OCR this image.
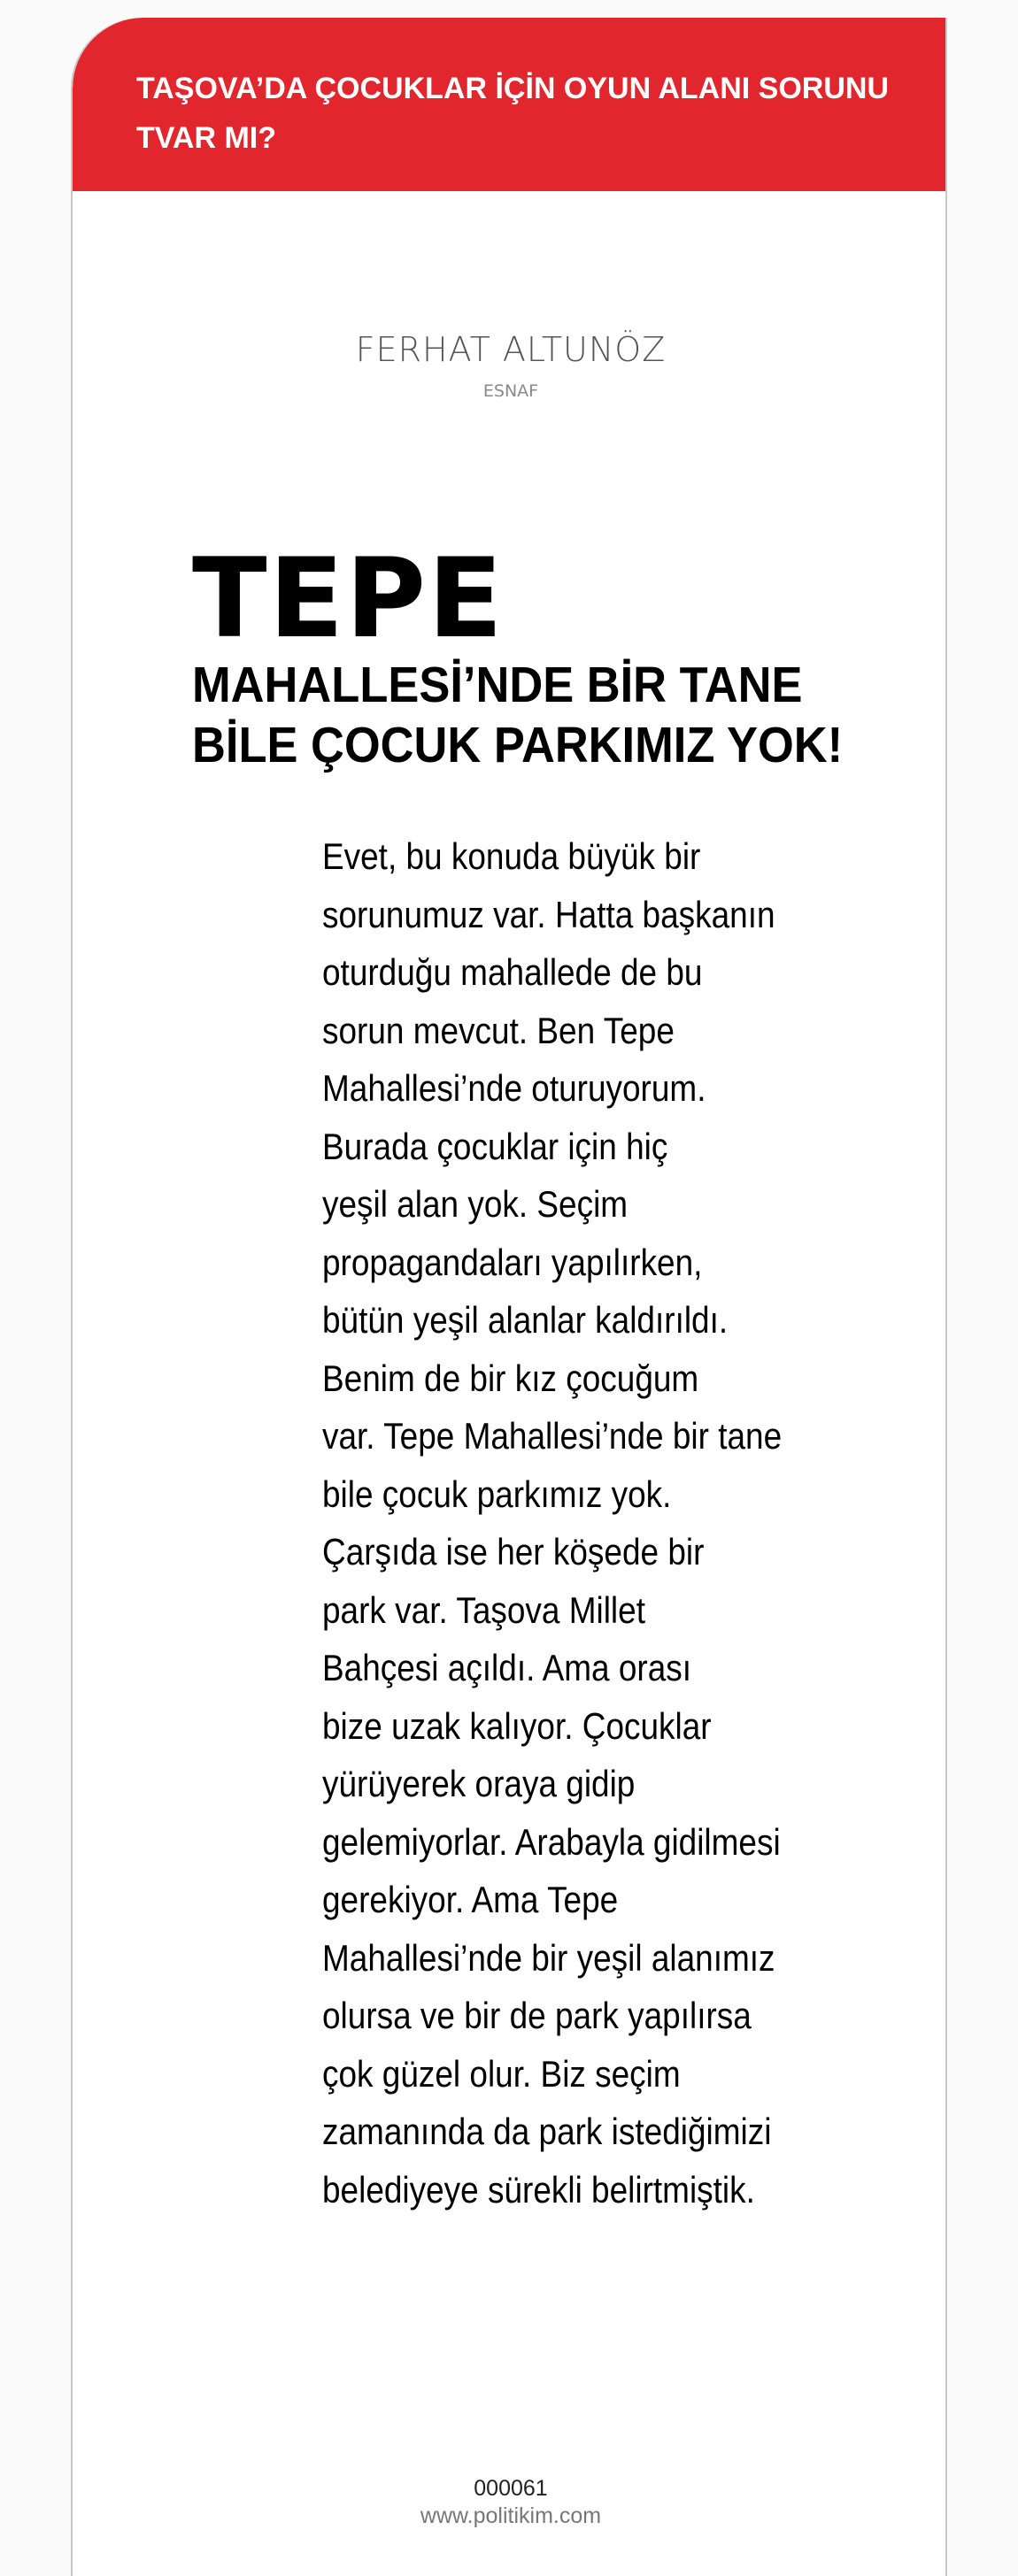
TAŞOVA’DA ÇOCUKLAR İÇİN OYUN ALANI SORUNU
TVAR MI?

FERHAT ALTUNÖZ

ESNAF

TEPE
MAHALLESİ’NDE BİR TANE
BİLE ÇOCUK PARKIMIZ YOK!
Evet, bu konuda büyük bir
sorunumuz var. Hatta başkanın
oturduğu mahallede de bu
sorun mevcut. Ben Tepe
Mahallesi’nde oturuyorum.
Burada çocuklar için hiç
yeşil alan yok. Seçim
propagandaları yapılırken,
bütün yeşil alanlar kaldırıldı.
Benim de bir kız çocuğum
var. Tepe Mahallesi’nde bir tane
bile çocuk parkımız yok.
Çarşıda ise her köşede bir
park var. Taşova Millet
Bahçesi açıldı. Ama orası
bize uzak kalıyor. Çocuklar
yürüyerek oraya gidip
gelemiyorlar. Arabayla gidilmesi
gerekiyor. Ama Tepe
Mahallesi’nde bir yeşil alanımız
olursa ve bir de park yapılırsa
çok güzel olur. Biz seçim
zamanında da park istediğimizi
belediyeye sürekli belirtmiştik.

000061

www.politikim.com
